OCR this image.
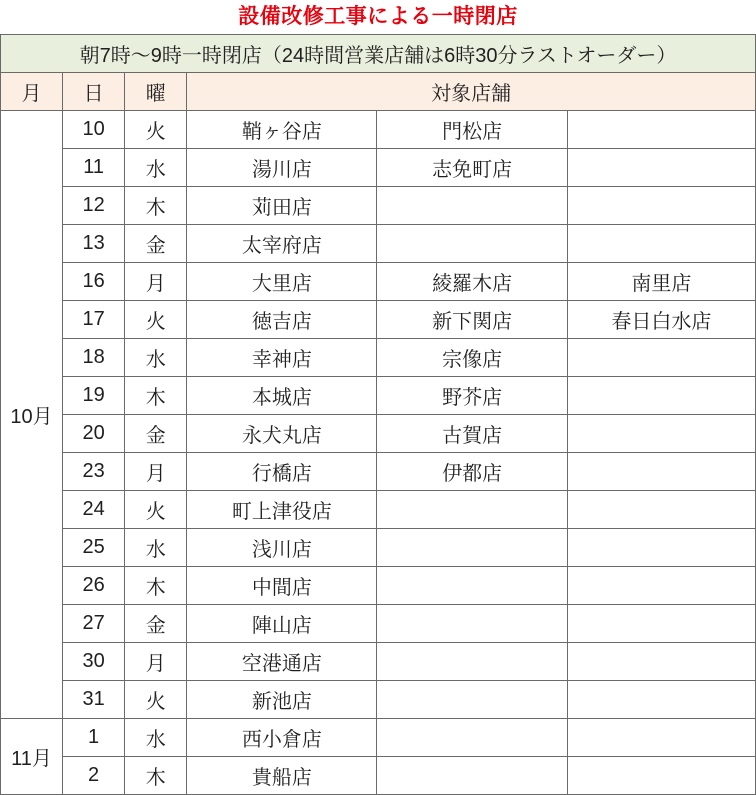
設備改修工事による一時閉店
朝7時〜9時一時閉店（24時間営業店舗は6時30分ラストオーダー）					
月	日	曜	対象店舗		
10月	10	火	鞘ヶ谷店	門松店	
	11	水	湯川店	志免町店	
	12	木	苅田店		
	13	金	太宰府店		
	16	月	大里店	綾羅木店	南里店
	17	火	徳吉店	新下関店	春日白水店
	18	水	幸神店	宗像店	
	19	木	本城店	野芥店	
	20	金	永犬丸店	古賀店	
	23	月	行橋店	伊都店	
	24	火	町上津役店		
	25	水	浅川店		
	26	木	中間店		
	27	金	陣山店		
	30	月	空港通店		
	31	火	新池店		
11月	1	水	西小倉店		
	2	木	貴船店		
